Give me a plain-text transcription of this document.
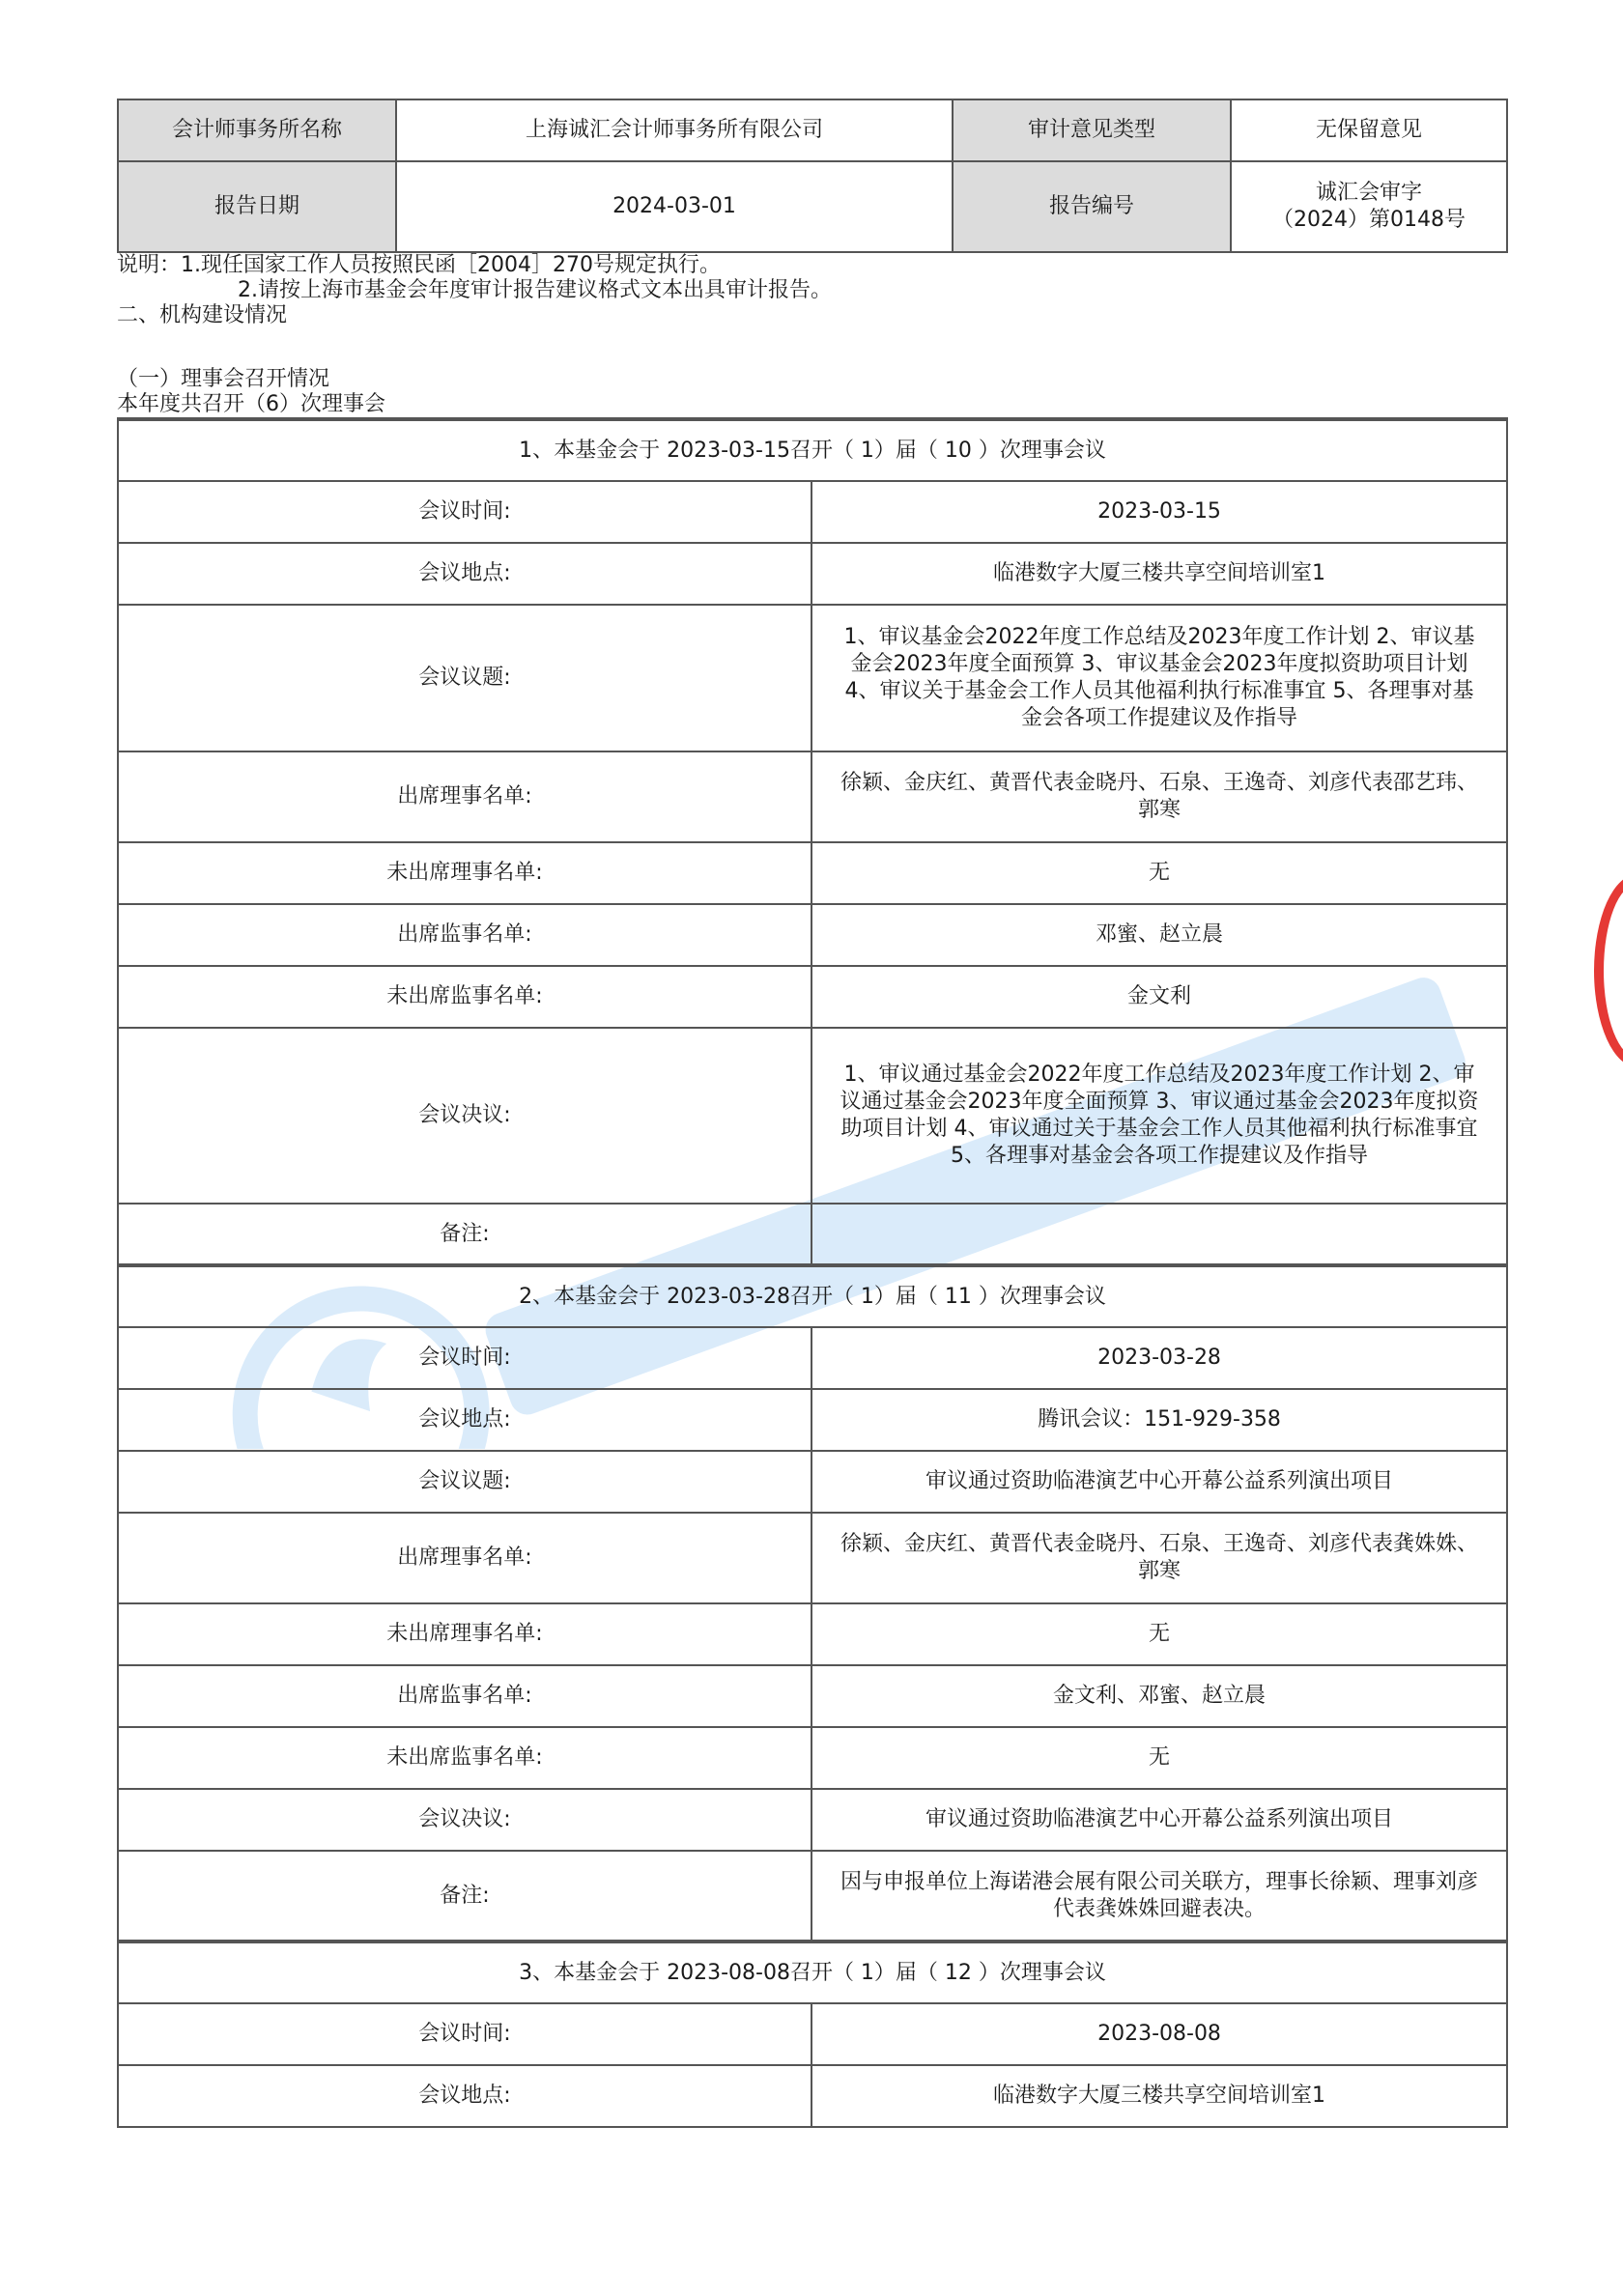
会计师事务所名称	上海诚汇会计师事务所有限公司	审计意见类型	无保留意见
报告日期	2024-03-01	报告编号	诚汇会审字
（2024）第0148号

说明：1.现任国家工作人员按照民函［2004］270号规定执行。

2.请按上海市基金会年度审计报告建议格式文本出具审计报告。

二、机构建设情况

（一）理事会召开情况

本年度共召开（6）次理事会

1、本基金会于 2023-03-15召开（ 1）届（ 10 ）次理事会议	
会议时间:	2023-03-15
会议地点:	临港数字大厦三楼共享空间培训室1
会议议题:	1、审议基金会2022年度工作总结及2023年度工作计划 2、审议基金会2023年度全面预算 3、审议基金会2023年度拟资助项目计划 4、审议关于基金会工作人员其他福利执行标准事宜 5、各理事对基金会各项工作提建议及作指导
出席理事名单:	徐颖、金庆红、黄晋代表金晓丹、石泉、王逸奇、刘彦代表邵艺玮、郭寒
未出席理事名单:	无
出席监事名单:	邓蜜、赵立晨
未出席监事名单:	金文利
会议决议:	1、审议通过基金会2022年度工作总结及2023年度工作计划 2、审议通过基金会2023年度全面预算 3、审议通过基金会2023年度拟资助项目计划 4、审议通过关于基金会工作人员其他福利执行标准事宜 5、各理事对基金会各项工作提建议及作指导
备注:	
2、本基金会于 2023-03-28召开（ 1）届（ 11 ）次理事会议	
会议时间:	2023-03-28
会议地点:	腾讯会议：151-929-358
会议议题:	审议通过资助临港演艺中心开幕公益系列演出项目
出席理事名单:	徐颖、金庆红、黄晋代表金晓丹、石泉、王逸奇、刘彦代表龚姝姝、郭寒
未出席理事名单:	无
出席监事名单:	金文利、邓蜜、赵立晨
未出席监事名单:	无
会议决议:	审议通过资助临港演艺中心开幕公益系列演出项目
备注:	因与申报单位上海诺港会展有限公司关联方，理事长徐颖、理事刘彦代表龚姝姝回避表决。
3、本基金会于 2023-08-08召开（ 1）届（ 12 ）次理事会议	
会议时间:	2023-08-08
会议地点:	临港数字大厦三楼共享空间培训室1
